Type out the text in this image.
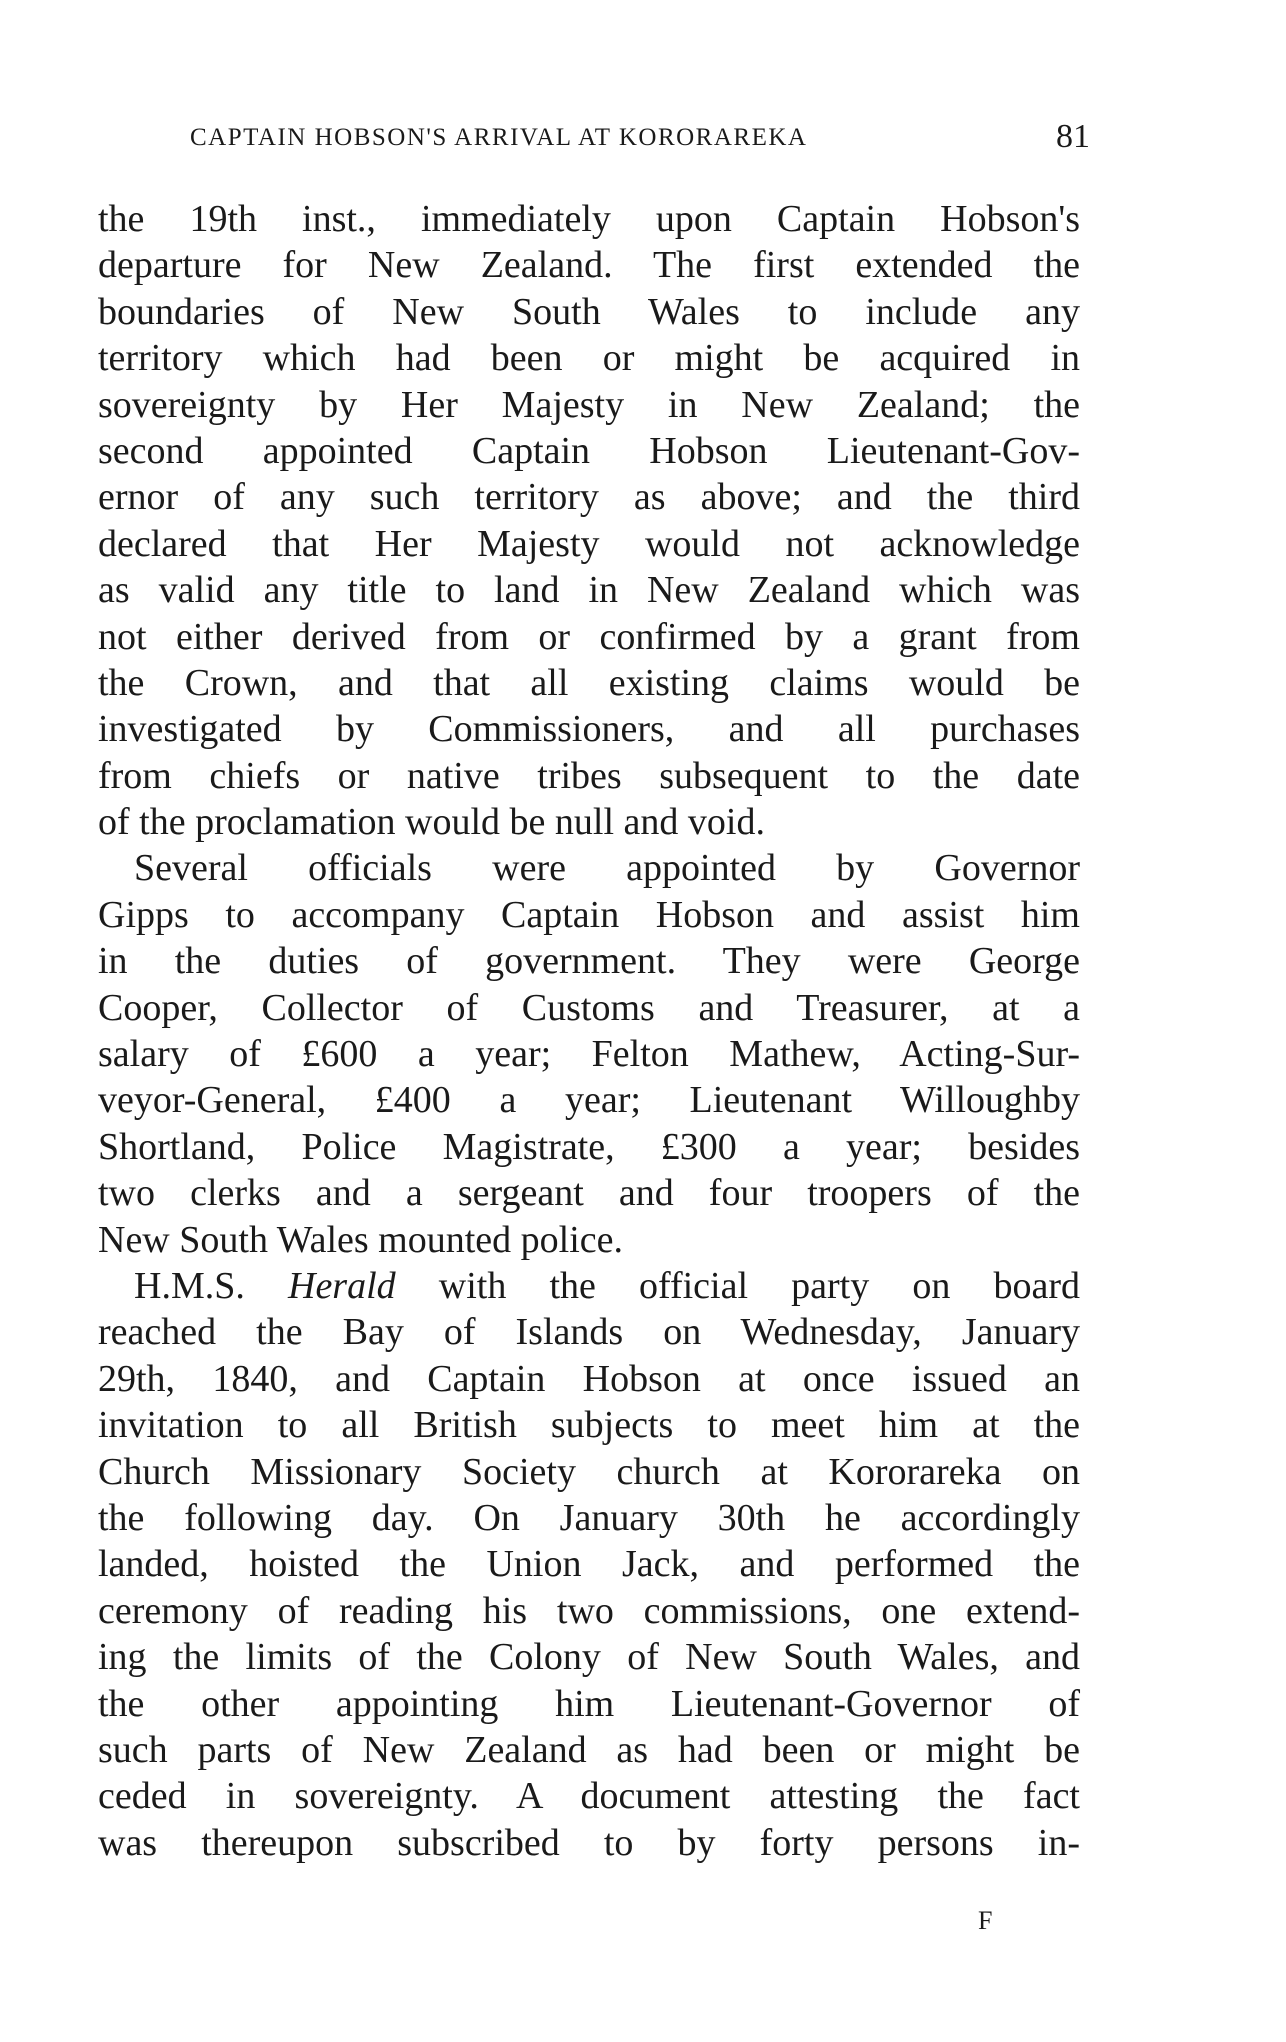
CAPTAIN HOBSON'S ARRIVAL AT KORORAREKA	81
the 19th inst., immediately upon Captain Hobson's
departure for New Zealand. The first extended the
boundaries of New South Wales to include any
territory which had been or might be acquired in
sovereignty by Her Majesty in New Zealand; the
second appointed Captain Hobson Lieutenant-Gov-
ernor of any such territory as above; and the third
declared that Her Majesty would not acknowledge
as valid any title to land in New Zealand which was
not either derived from or confirmed by a grant from
the Crown, and that all existing claims would be
investigated by Commissioners, and all purchases
from chiefs or native tribes subsequent to the date
of the proclamation would be null and void.
Several officials were appointed by Governor
Gipps to accompany Captain Hobson and assist him
in the duties of government. They were George
Cooper, Collector of Customs and Treasurer, at a
salary of £600 a year; Felton Mathew, Acting-Sur-
veyor-General, £400 a year; Lieutenant Willoughby
Shortland, Police Magistrate, £300 a year; besides
two clerks and a sergeant and four troopers of the
New South Wales mounted police.
H.M.S. Herald with the official party on board
reached the Bay of Islands on Wednesday, January
29th, 1840, and Captain Hobson at once issued an
invitation to all British subjects to meet him at the
Church Missionary Society church at Kororareka on
the following day. On January 30th he accordingly
landed, hoisted the Union Jack, and performed the
ceremony of reading his two commissions, one extend-
ing the limits of the Colony of New South Wales, and
the other appointing him Lieutenant-Governor of
such parts of New Zealand as had been or might be
ceded in sovereignty. A document attesting the fact
was thereupon subscribed to by forty persons in-
F
